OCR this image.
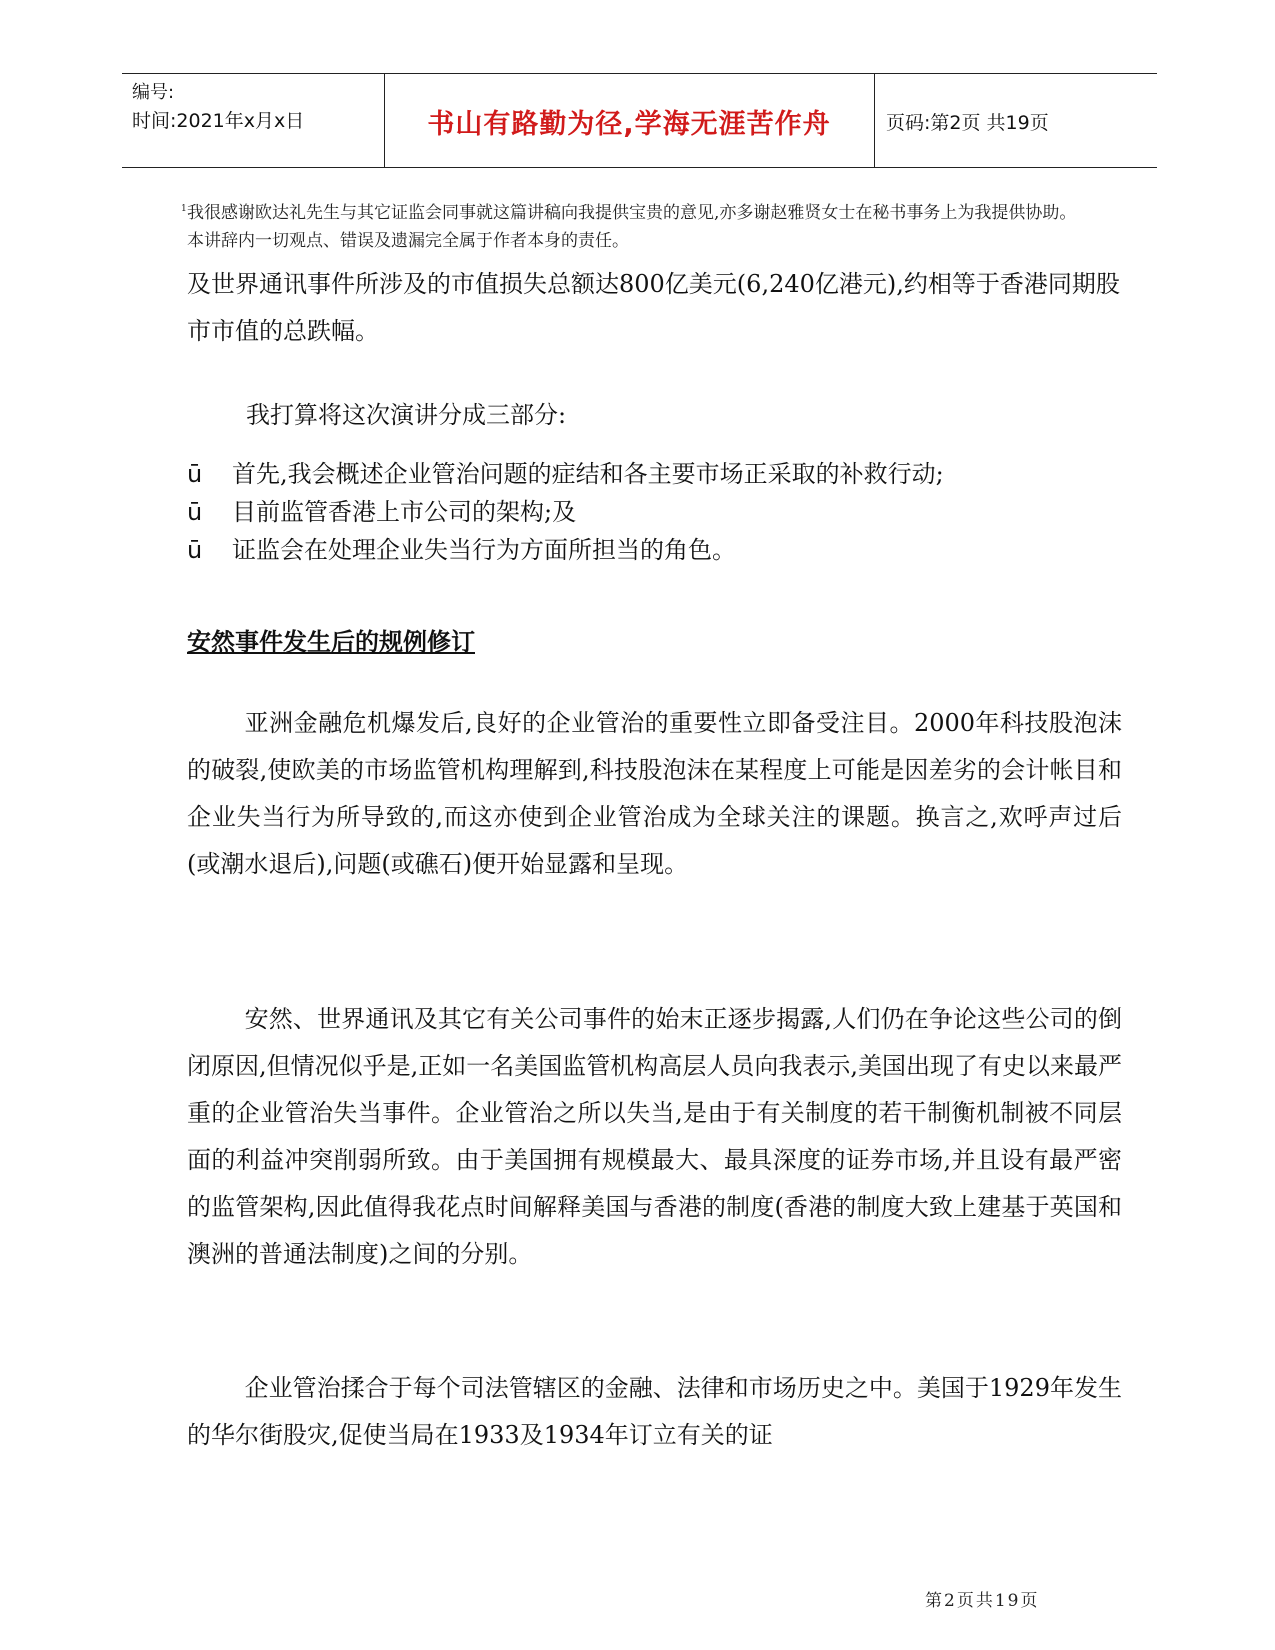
编号:
时间:2021年x月x日	书山有路勤为径,学海无涯苦作舟	页码:第2页 共19页
1 我很感谢欧达礼先生与其它证监会同事就这篇讲稿向我提供宝贵的意见,亦多谢赵雅贤女士在秘书事务上为我提供协助。本讲辞内一切观点、错误及遗漏完全属于作者本身的责任。
及世界通讯事件所涉及的市值损失总额达800亿美元(6,240亿港元),约相等于香港同期股市市值的总跌幅。
我打算将这次演讲分成三部分:
ū 首先,我会概述企业管治问题的症结和各主要市场正采取的补救行动;
ū 目前监管香港上市公司的架构;及
ū 证监会在处理企业失当行为方面所担当的角色。
安然事件发生后的规例修订
亚洲金融危机爆发后,良好的企业管治的重要性立即备受注目。2000年科技股泡沫的破裂,使欧美的市场监管机构理解到,科技股泡沫在某程度上可能是因差劣的会计帐目和企业失当行为所导致的,而这亦使到企业管治成为全球关注的课题。换言之,欢呼声过后(或潮水退后),问题(或礁石)便开始显露和呈现。
安然、世界通讯及其它有关公司事件的始末正逐步揭露,人们仍在争论这些公司的倒闭原因,但情况似乎是,正如一名美国监管机构高层人员向我表示,美国出现了有史以来最严重的企业管治失当事件。企业管治之所以失当,是由于有关制度的若干制衡机制被不同层面的利益冲突削弱所致。由于美国拥有规模最大、最具深度的证券市场,并且设有最严密的监管架构,因此值得我花点时间解释美国与香港的制度(香港的制度大致上建基于英国和澳洲的普通法制度)之间的分别。
企业管治揉合于每个司法管辖区的金融、法律和市场历史之中。美国于1929年发生的华尔街股灾,促使当局在1933及1934年订立有关的证
第2页共19页
